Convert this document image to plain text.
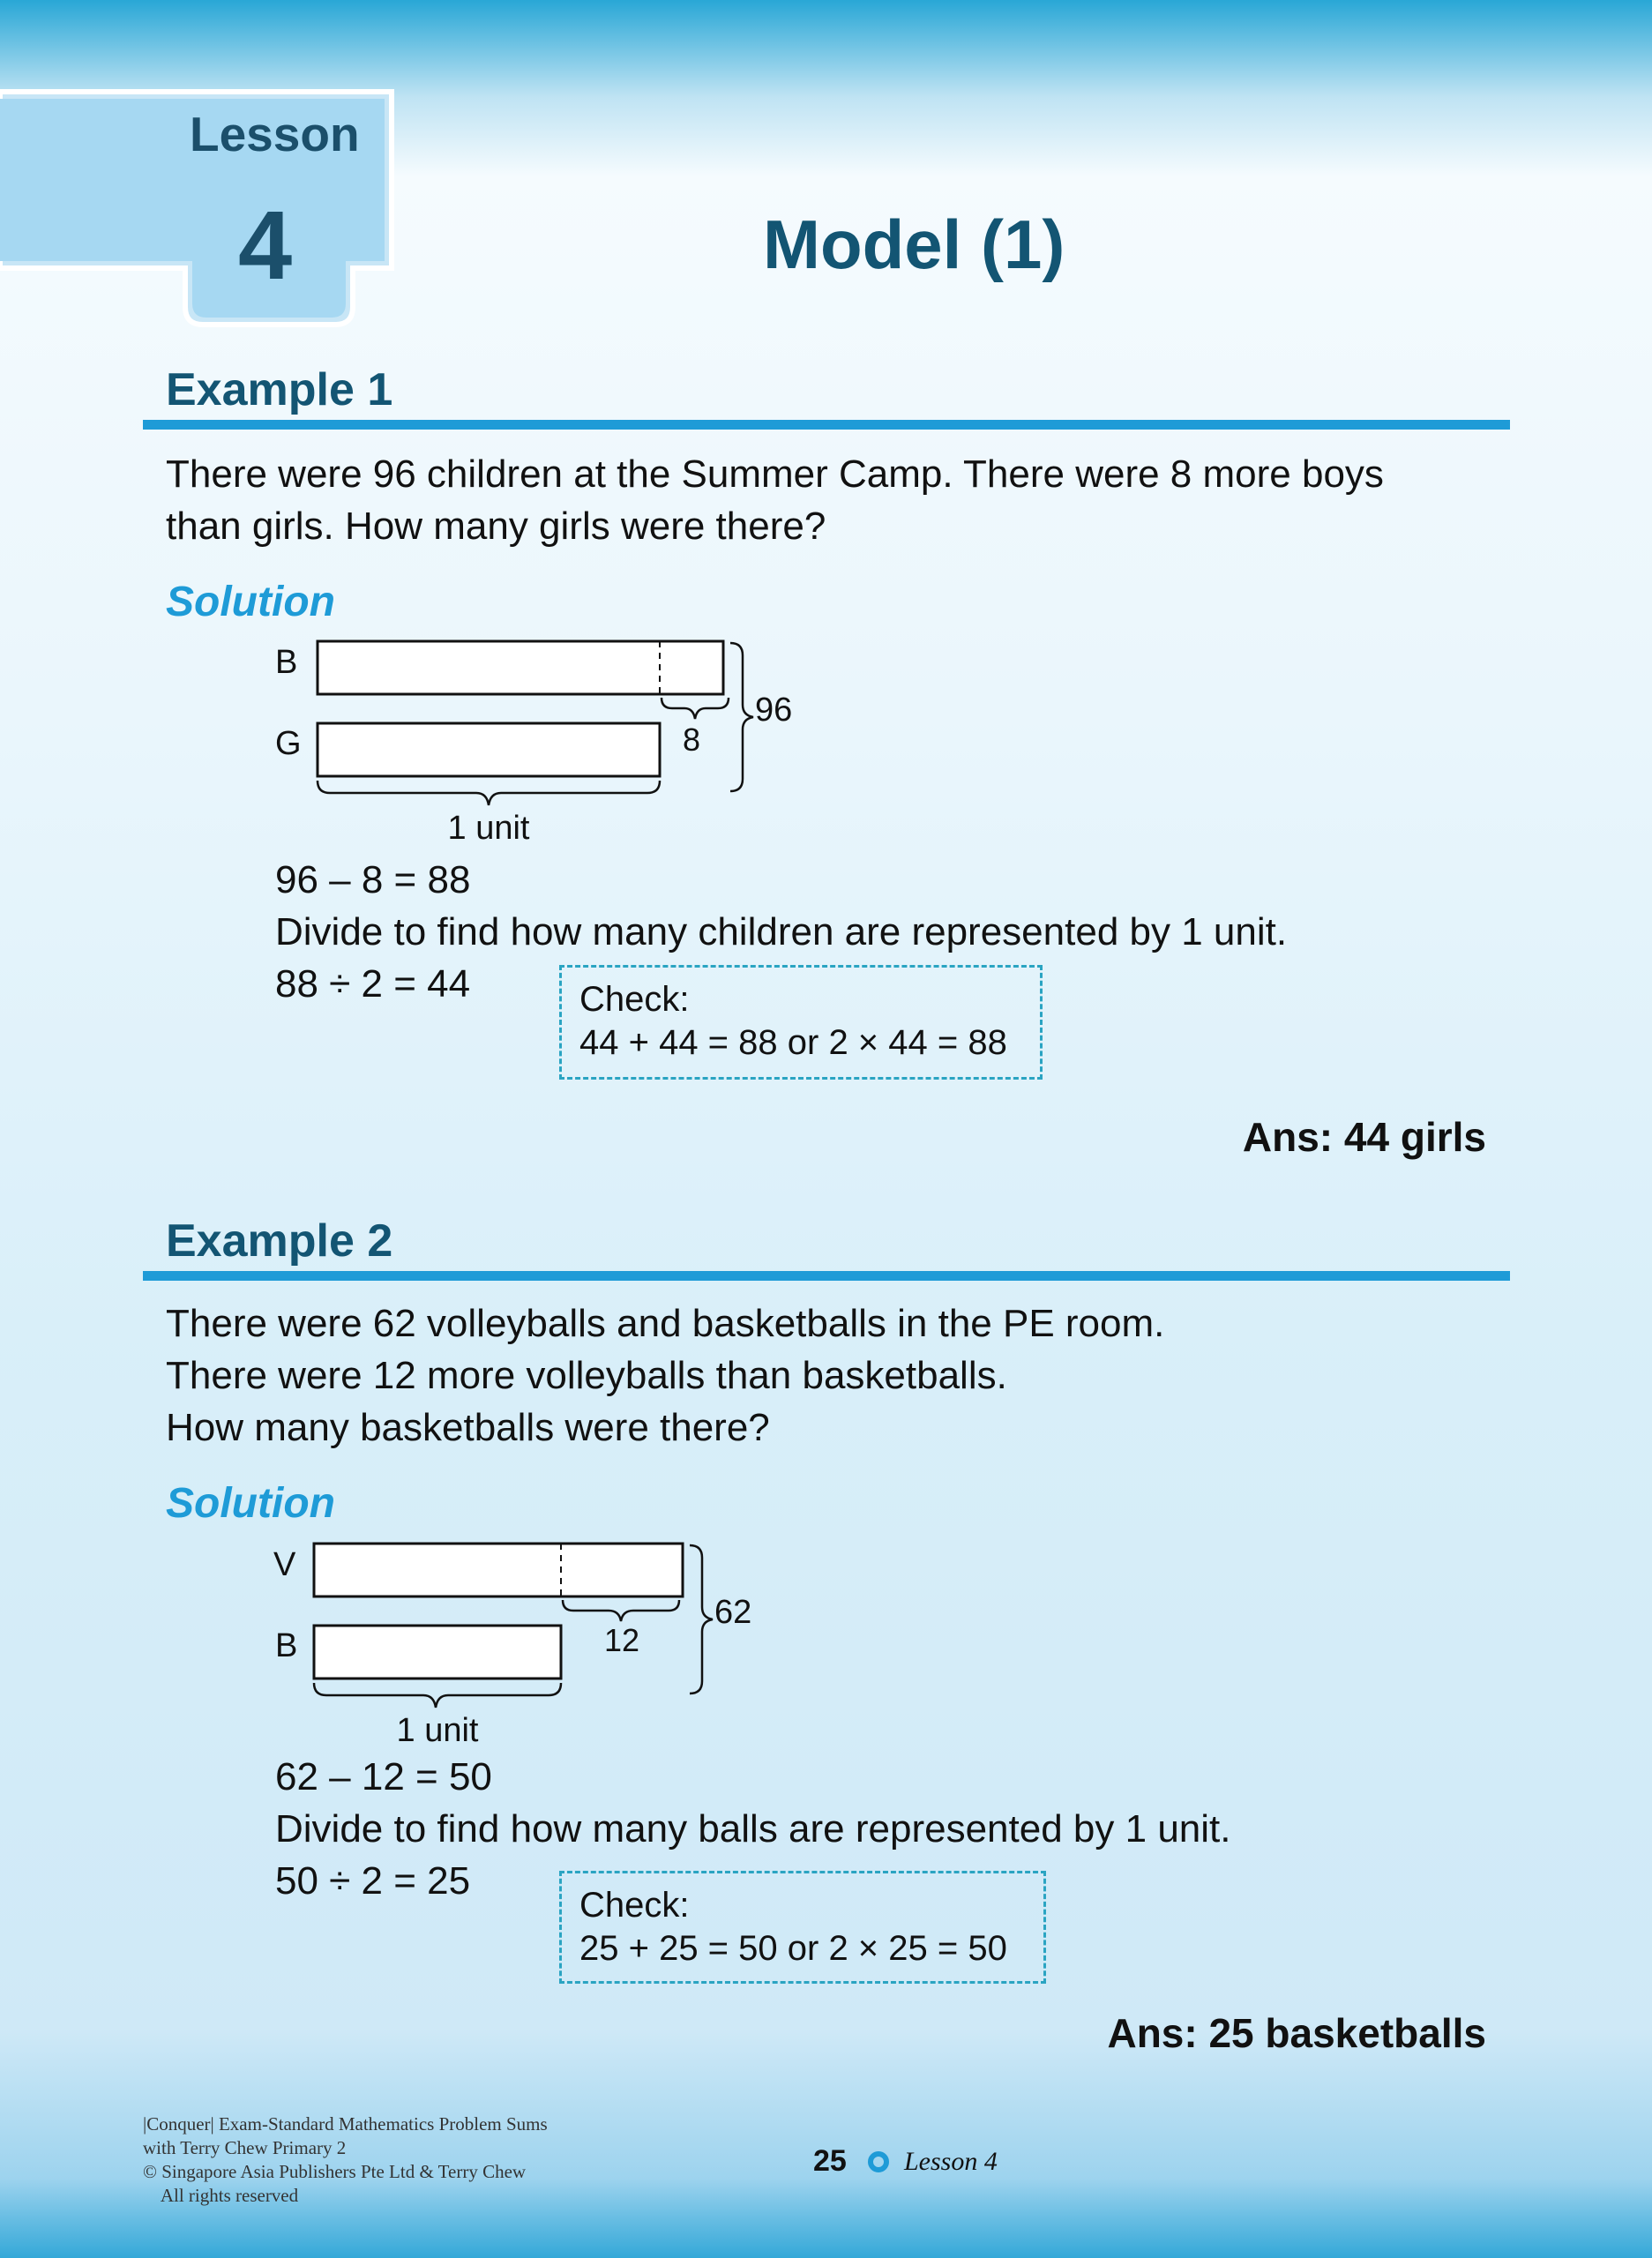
Lesson
4	Model (1)
Example 1
There were 96 children at the Summer Camp. There were 8 more boys
than girls. How many girls were there?
Solution
B
G	8
96
1 unit
96 – 8 = 88
Divide to find how many children are represented by 1 unit.
88 ÷ 2 = 44	Check:
44 + 44 = 88 or 2 × 44 = 88
Ans: 44 girls
Example 2
There were 62 volleyballs and basketballs in the PE room.
There were 12 more volleyballs than basketballs.
How many basketballs were there?
Solution
V
B	12
62
1 unit
62 – 12 = 50
Divide to find how many balls are represented by 1 unit.
50 ÷ 2 = 25
Check:
25 + 25 = 50 or 2 × 25 = 50
Ans: 25 basketballs
|Conquer| Exam-Standard Mathematics Problem Sums
with Terry Chew Primary 2
© Singapore Asia Publishers Pte Ltd & Terry Chew
All rights reserved
25 Lesson 4
